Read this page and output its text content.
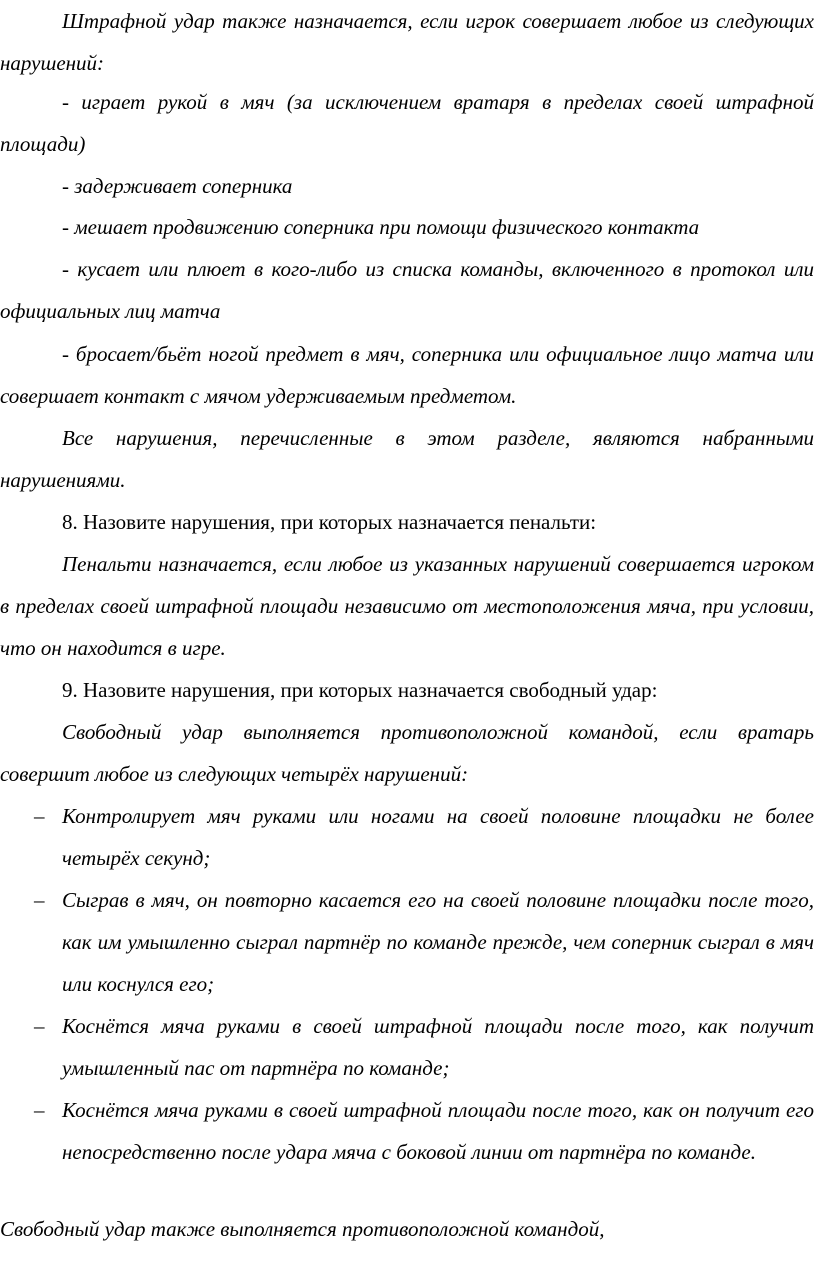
Штрафной удар также назначается, если игрок совершает любое из следующих нарушений:

- играет рукой в мяч (за исключением вратаря в пределах своей штрафной площади)

- задерживает соперника

- мешает продвижению соперника при помощи физического контакта

- кусает или плюет в кого-либо из списка команды, включенного в протокол или официальных лиц матча

- бросает/бьёт ногой предмет в мяч, соперника или официальное лицо матча или совершает контакт с мячом удерживаемым предметом.

Все нарушения, перечисленные в этом разделе, являются набранными нарушениями.

8. Назовите нарушения, при которых назначается пенальти:

Пенальти назначается, если любое из указанных нарушений совершается игроком в пределах своей штрафной площади независимо от местоположения мяча, при условии, что он находится в игре.

9. Назовите нарушения, при которых назначается свободный удар:

Свободный удар выполняется противоположной командой, если вратарь совершит любое из следующих четырёх нарушений:

– Контролирует мяч руками или ногами на своей половине площадки не более четырёх секунд;
– Сыграв в мяч, он повторно касается его на своей половине площадки после того, как им умышленно сыграл партнёр по команде прежде, чем соперник сыграл в мяч или коснулся его;
– Коснётся мяча руками в своей штрафной площади после того, как получит умышленный пас от партнёра по команде;
– Коснётся мяча руками в своей штрафной площади после того, как он получит его непосредственно после удара мяча с боковой линии от партнёра по команде.

Свободный удар также выполняется противоположной командой,
